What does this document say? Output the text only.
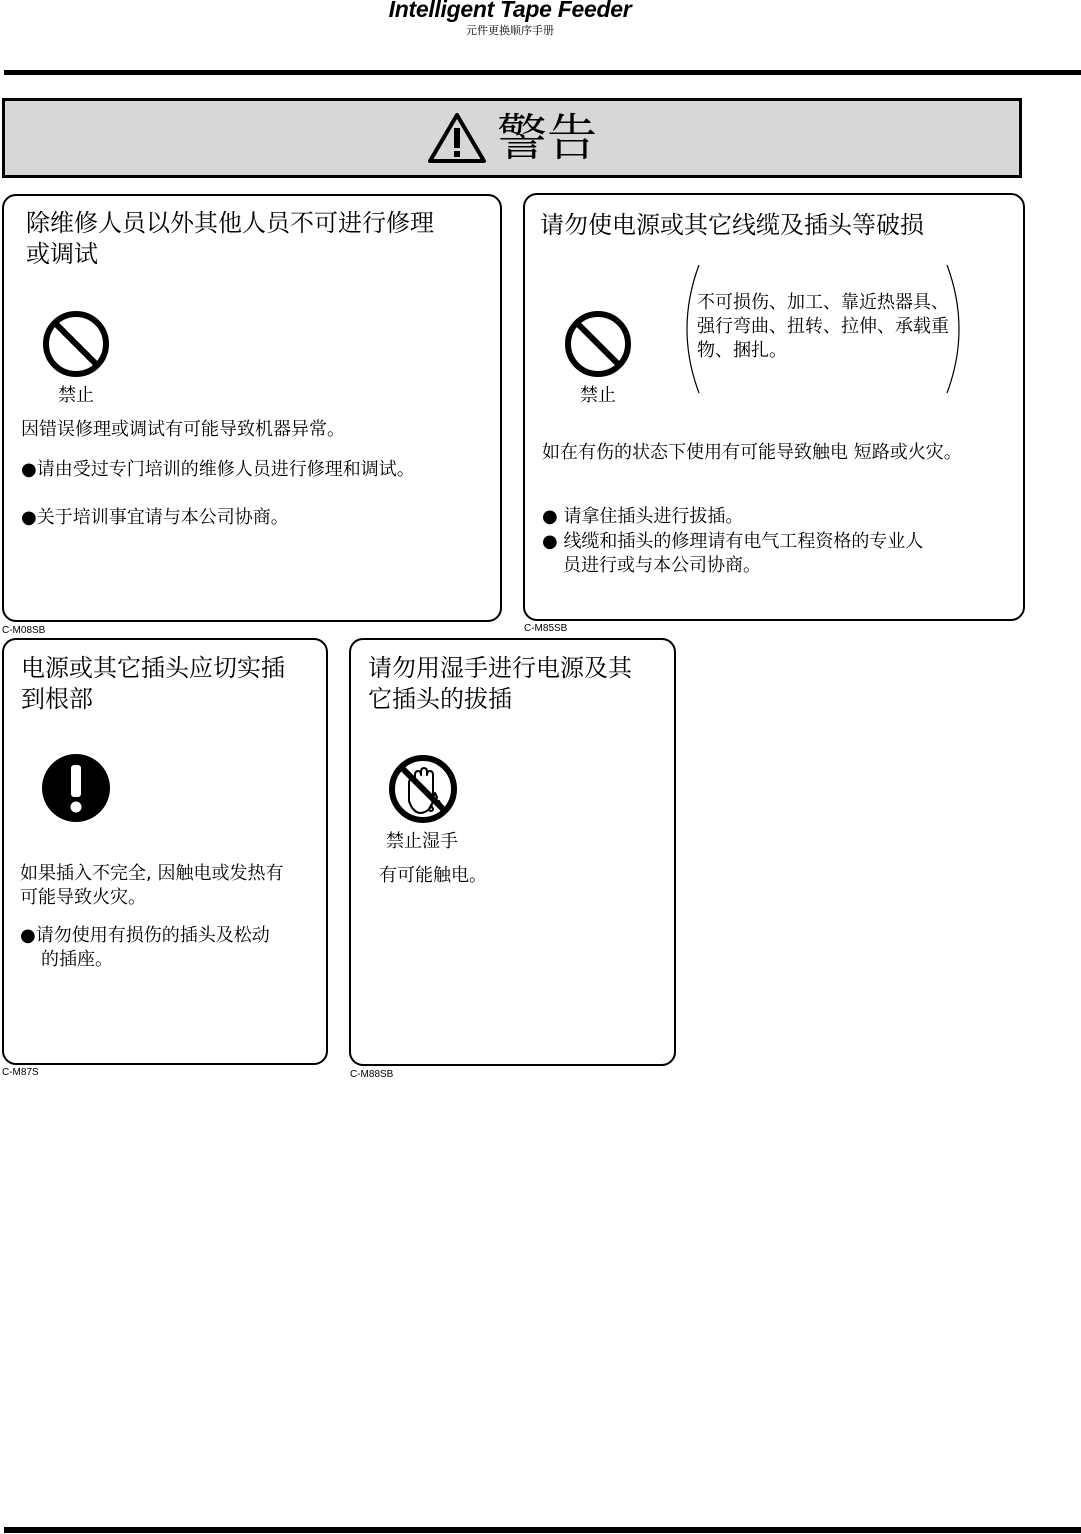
Intelligent Tape Feeder
元件更换顺序手册
警告
除维修人员以外其他人员不可进行修理
或调试
禁止
因错误修理或调试有可能导致机器异常。
●请由受过专门培训的维修人员进行修理和调试。
●关于培训事宜请与本公司协商。
C-M08SB
请勿使电源或其它线缆及插头等破损
禁止
不可损伤、加工、靠近热器具、
强行弯曲、扭转、拉伸、承载重
物、捆扎。
如在有伤的状态下使用有可能导致触电 短路或火灾。
● 请拿住插头进行拔插。
● 线缆和插头的修理请有电气工程资格的专业人
员进行或与本公司协商。
C-M85SB
电源或其它插头应切实插
到根部
如果插入不完全, 因触电或发热有
可能导致火灾。
●请勿使用有损伤的插头及松动
的插座。
C-M87S
请勿用湿手进行电源及其
它插头的拔插
禁止湿手
有可能触电。
C-M88SB
